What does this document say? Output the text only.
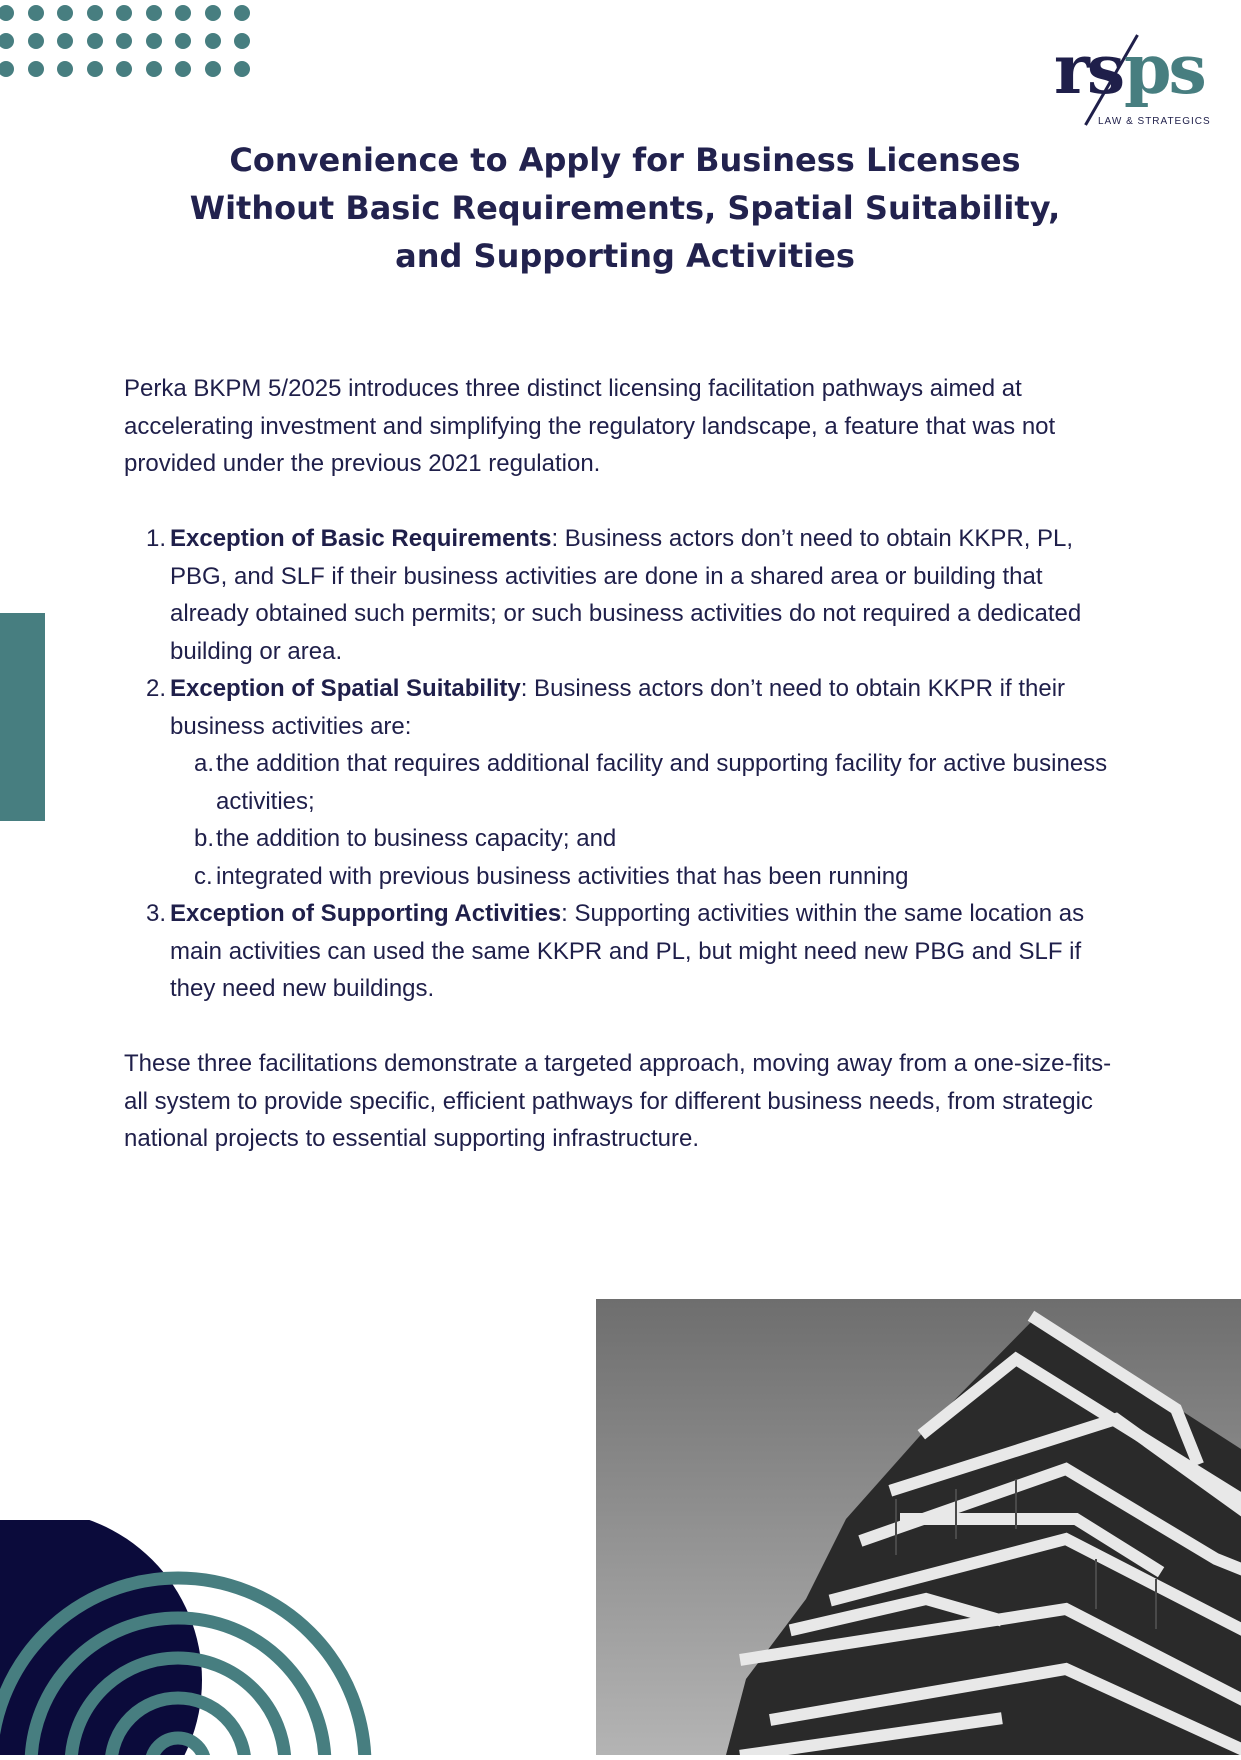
rs ps
LAW & STRATEGICS
Convenience to Apply for Business Licenses Without Basic Requirements, Spatial Suitability, and Supporting Activities

Perka BKPM 5/2025 introduces three distinct licensing facilitation pathways aimed at accelerating investment and simplifying the regulatory landscape, a feature that was not provided under the previous 2021 regulation.

1. Exception of Basic Requirements: Business actors don’t need to obtain KKPR, PL, PBG, and SLF if their business activities are done in a shared area or building that already obtained such permits; or such business activities do not required a dedicated building or area.
2. Exception of Spatial Suitability: Business actors don’t need to obtain KKPR if their business activities are:
a. the addition that requires additional facility and supporting facility for active business activities;
b. the addition to business capacity; and
c. integrated with previous business activities that has been running
3. Exception of Supporting Activities: Supporting activities within the same location as main activities can used the same KKPR and PL, but might need new PBG and SLF if they need new buildings.

These three facilitations demonstrate a targeted approach, moving away from a one-size-fits-all system to provide specific, efficient pathways for different business needs, from strategic national projects to essential supporting infrastructure.
